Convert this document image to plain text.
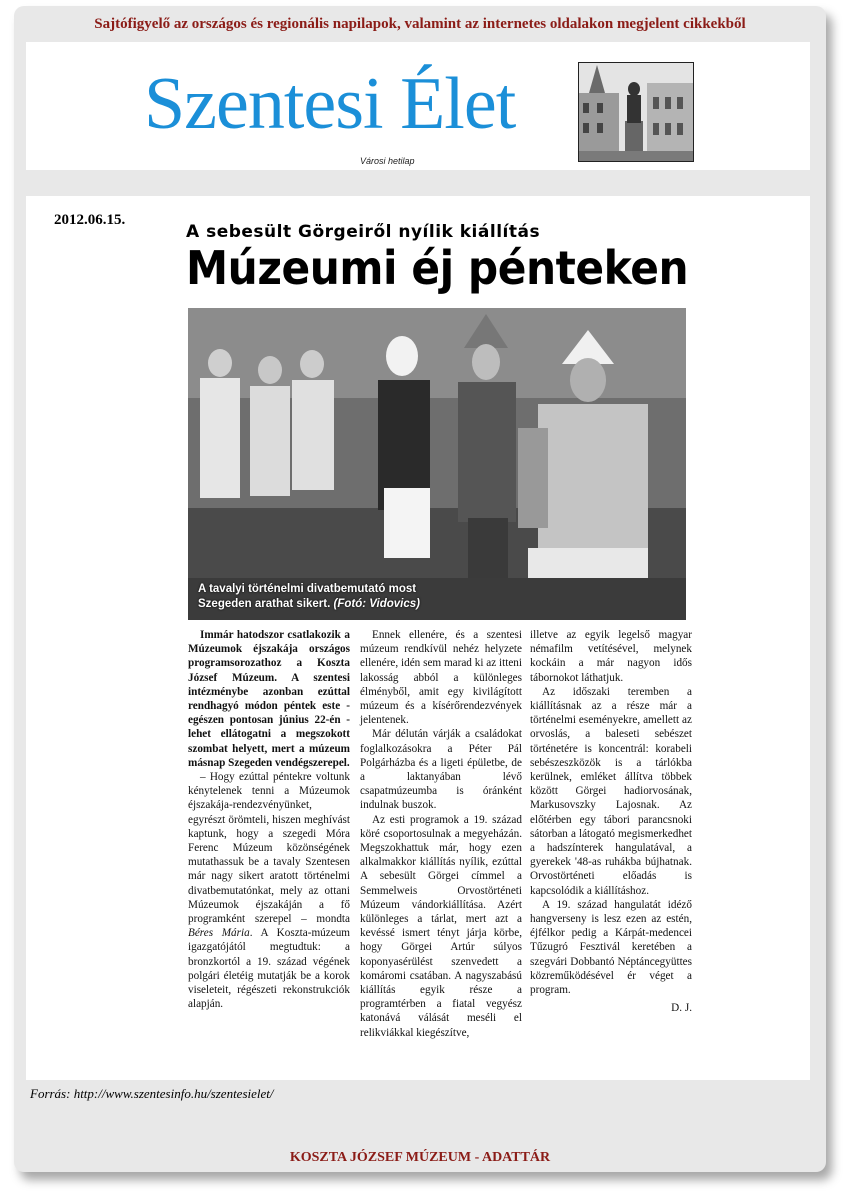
Sajtófigyelő az országos és regionális napilapok, valamint az internetes oldalakon megjelent cikkekből
Szentesi Élet
Városi hetilap
2012.06.15.
A sebesült Görgeiről nyílik kiállítás
Múzeumi éj pénteken
A tavalyi történelmi divatbemutató most
Szegeden arathat sikert. (Fotó: Vidovics)

Immár hatodszor csatlakozik a Múzeumok éjszakája országos programsorozathoz a Koszta József Múzeum. A szentesi intézménybe azonban ezúttal rendhagyó módon péntek este - egészen pontosan június 22-én - lehet ellátogatni a megszokott szombat helyett, mert a múzeum másnap Szegeden vendégszerepel.

– Hogy ezúttal péntekre voltunk kénytelenek tenni a Múzeumok éjszakája-rendezvényünket, egyrészt örömteli, hiszen meghívást kaptunk, hogy a szegedi Móra Ferenc Múzeum közönségének mutathassuk be a tavaly Szentesen már nagy sikert aratott történelmi divatbemutatónkat, mely az ottani Múzeumok éjszakáján a fő programként szerepel – mondta Béres Mária. A Koszta-múzeum igazgatójától megtudtuk: a bronzkortól a 19. század végének polgári életéig mutatják be a korok viseleteit, régészeti rekonstrukciók alapján.

Ennek ellenére, és a szentesi múzeum rendkívül nehéz helyzete ellenére, idén sem marad ki az itteni lakosság abból a különleges élményből, amit egy kivilágított múzeum és a kísérőrendezvények jelentenek.

Már délután várják a családokat foglalkozásokra a Péter Pál Polgárházba és a ligeti épületbe, de a laktanyában lévő csapatmúzeumba is óránként indulnak buszok.

Az esti programok a 19. század köré csoportosulnak a megyeházán. Megszokhattuk már, hogy ezen alkalmakkor kiállítás nyílik, ezúttal A sebesült Görgei címmel a Semmelweis Orvostörténeti Múzeum vándorkiállítása. Azért különleges a tárlat, mert azt a kevéssé ismert tényt járja körbe, hogy Görgei Artúr súlyos koponyasérülést szenvedett a komáromi csatában. A nagyszabású kiállítás egyik része a programtérben a fiatal vegyész katonává válását meséli el relikviákkal kiegészítve,

illetve az egyik legelső magyar némafilm vetítésével, melynek kockáin a már nagyon idős tábornokot láthatjuk.

Az időszaki teremben a kiállításnak az a része már a történelmi eseményekre, amellett az orvoslás, a baleseti sebészet történetére is koncentrál: korabeli sebészeszközök is a tárlókba kerülnek, emléket állítva többek között Görgei hadiorvosának, Markusovszky Lajosnak. Az előtérben egy tábori parancsnoki sátorban a látogató megismerkedhet a hadszínterek hangulatával, a gyerekek '48-as ruhákba bújhatnak. Orvostörténeti előadás is kapcsolódik a kiállításhoz.

A 19. század hangulatát idéző hangverseny is lesz ezen az estén, éjfélkor pedig a Kárpát-medencei Tűzugró Fesztivál keretében a szegvári Dobbantó Néptáncegyüttes közreműködésével ér véget a program.

D. J.

Forrás: http://www.szentesinfo.hu/szentesielet/
KOSZTA JÓZSEF MÚZEUM - ADATTÁR
